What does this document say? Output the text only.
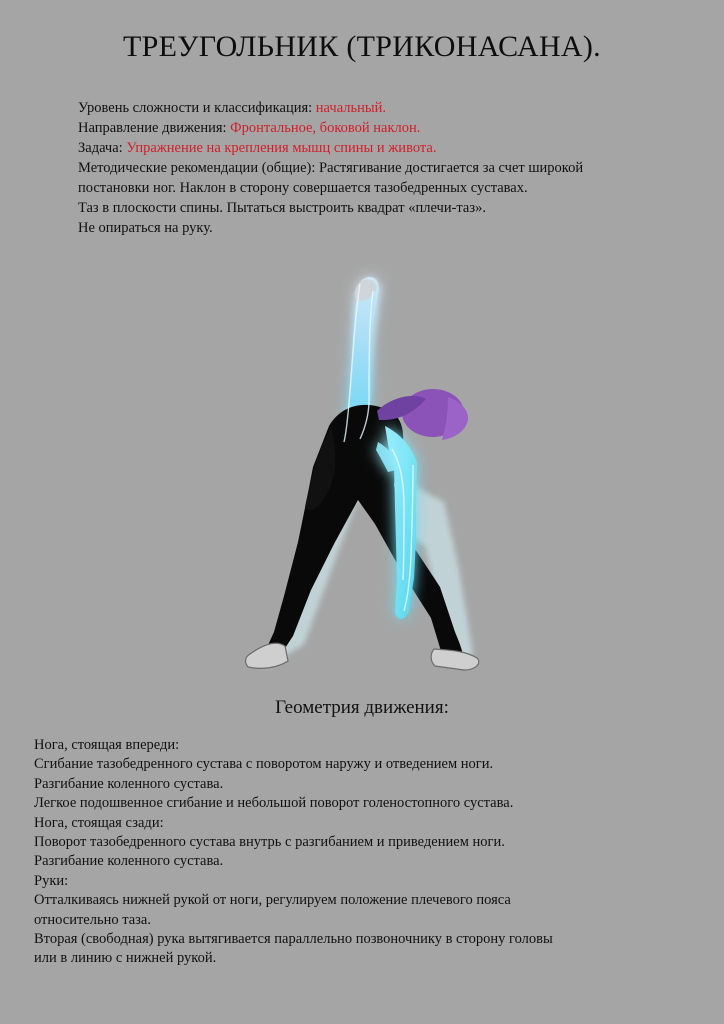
ТРЕУГОЛЬНИК (ТРИКОНАСАНА).
Уровень сложности и классификация: начальный.
Направление движения: Фронтальное, боковой наклон.
Задача: Упражнение на крепления мышц спины и живота.
Методические рекомендации (общие): Растягивание достигается за счет широкой
постановки ног. Наклон в сторону совершается тазобедренных суставах.
Таз в плоскости спины. Пытаться выстроить квадрат «плечи-таз».
Не опираться на руку.
Геометрия движения:
Нога, стоящая впереди:
Сгибание тазобедренного сустава с поворотом наружу и отведением ноги.
Разгибание коленного сустава.
Легкое подошвенное сгибание и небольшой поворот голеностопного сустава.
Нога, стоящая сзади:
Поворот тазобедренного сустава внутрь с разгибанием и приведением ноги.
Разгибание коленного сустава.
Руки:
Отталкиваясь нижней рукой от ноги, регулируем положение плечевого пояса
относительно таза.
Вторая (свободная) рука вытягивается параллельно позвоночнику в сторону головы
или в линию с нижней рукой.
